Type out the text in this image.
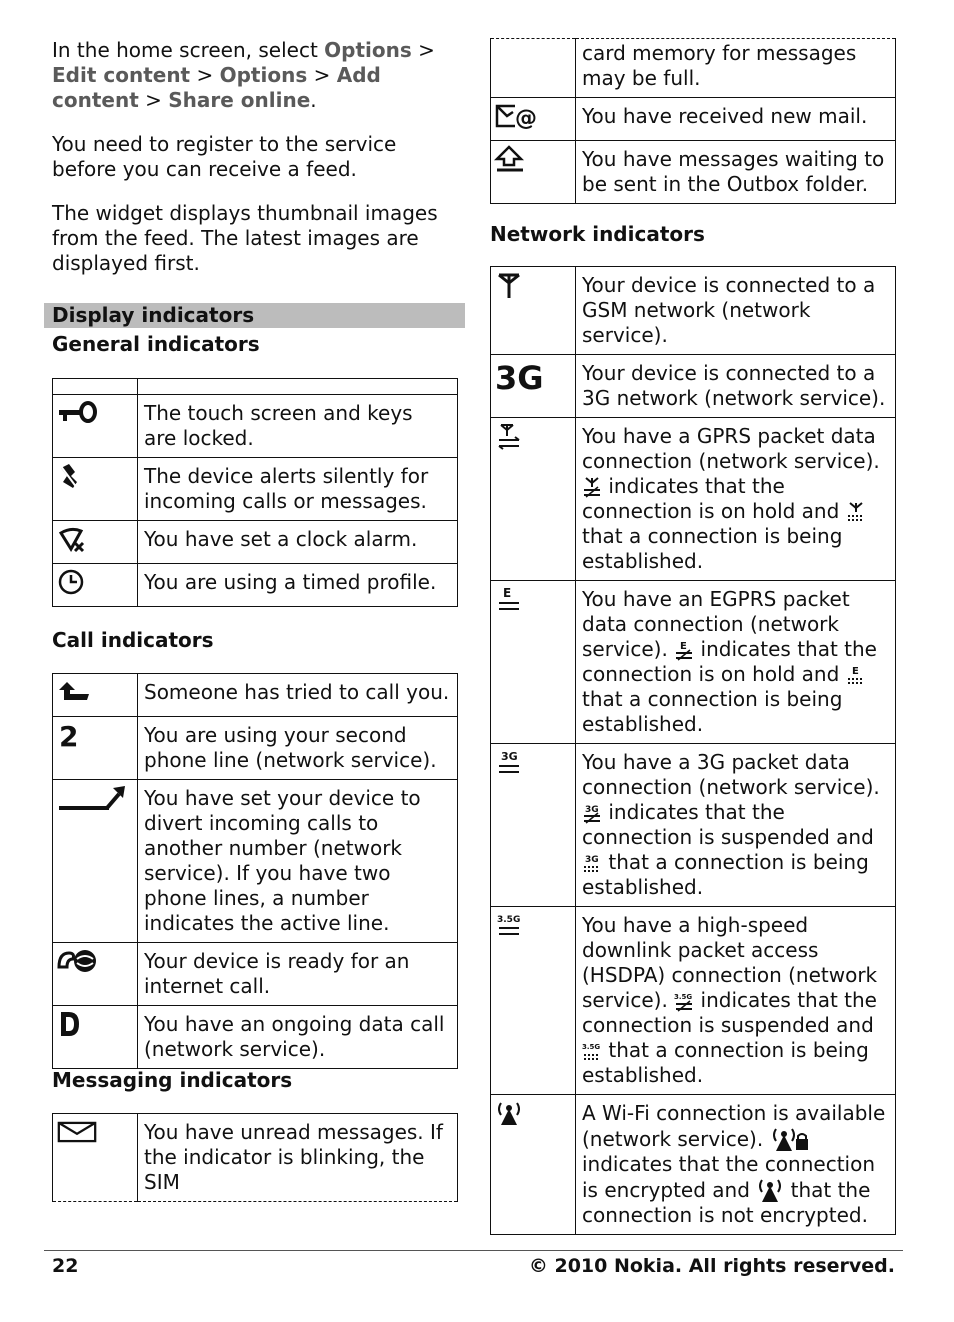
In the home screen, select Options > Edit content > Options > Add content > Share online.

You need to register to the service before you can receive a feed.

The widget displays thumbnail images from the feed. The latest images are displayed first.

Display indicators
General indicators

	The touch screen and keys are locked.
	The device alerts silently for incoming calls or messages.
	You have set a clock alarm.
	You are using a timed profile.
Call indicators
	Someone has tried to call you.

2	You are using your second phone line (network service).
	You have set your device to divert incoming calls to another number (network service). If you have two phone lines, a number indicates the active line.
	Your device is ready for an internet call.
	You have an ongoing data call (network service).
Messaging indicators
	You have unread messages. If the indicator is blinking, the SIM
	card memory for messages may be full.

@	You have received new mail.
	You have messages waiting to be sent in the Outbox folder.
Network indicators
	Your device is connected to a GSM network (network service).

3G	Your device is connected to a 3G network (network service).
	You have a GPRS packet data connection (network service).  indicates that the connection is on hold and  that a connection is being established.

E	You have an EGPRS packet data connection (network service). E indicates that the connection is on hold and E
that a connection is being established.

3G	You have a 3G packet data connection (network service).
3G indicates that the connection is suspended and
3G that a connection is being established.

3.5G	You have a high-speed downlink packet access (HSDPA) connection (network service). 3.5G indicates that the connection is suspended and
3.5G that a connection is being established.
	A Wi-Fi connection is available (network service).  indicates that the connection is encrypted and  that the connection is not encrypted.
22	© 2010 Nokia. All rights reserved.
